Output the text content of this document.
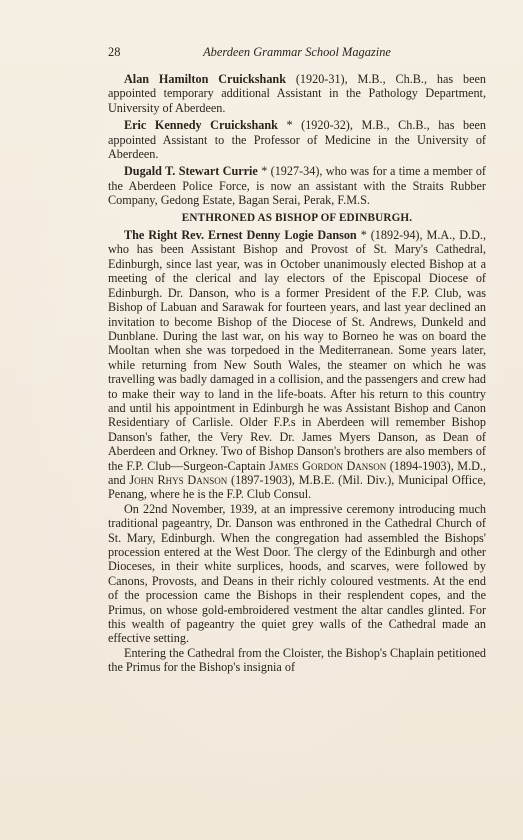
28	Aberdeen Grammar School Magazine

Alan Hamilton Cruickshank (1920-31), M.B., Ch.B., has been appointed temporary additional Assistant in the Pathology Department, University of Aberdeen.

Eric Kennedy Cruickshank * (1920-32), M.B., Ch.B., has been appointed Assistant to the Professor of Medicine in the University of Aberdeen.

Dugald T. Stewart Currie * (1927-34), who was for a time a member of the Aberdeen Police Force, is now an assistant with the Straits Rubber Company, Gedong Estate, Bagan Serai, Perak, F.M.S.

ENTHRONED AS BISHOP OF EDINBURGH.

The Right Rev. Ernest Denny Logie Danson * (1892-94), M.A., D.D., who has been Assistant Bishop and Provost of St. Mary's Cathedral, Edinburgh, since last year, was in October unanimously elected Bishop at a meeting of the clerical and lay electors of the Episcopal Diocese of Edinburgh. Dr. Danson, who is a former President of the F.P. Club, was Bishop of Labuan and Sarawak for fourteen years, and last year declined an invitation to become Bishop of the Diocese of St. Andrews, Dunkeld and Dunblane. During the last war, on his way to Borneo he was on board the Mooltan when she was torpedoed in the Mediterranean. Some years later, while returning from New South Wales, the steamer on which he was travelling was badly damaged in a collision, and the passengers and crew had to make their way to land in the life-boats. After his return to this country and until his appointment in Edinburgh he was Assistant Bishop and Canon Residentiary of Carlisle. Older F.P.s in Aberdeen will remember Bishop Danson's father, the Very Rev. Dr. James Myers Danson, as Dean of Aberdeen and Orkney. Two of Bishop Danson's brothers are also members of the F.P. Club—Surgeon-Captain James Gordon Danson (1894-1903), M.D., and John Rhys Danson (1897-1903), M.B.E. (Mil. Div.), Municipal Office, Penang, where he is the F.P. Club Consul.

On 22nd November, 1939, at an impressive ceremony introducing much traditional pageantry, Dr. Danson was enthroned in the Cathedral Church of St. Mary, Edinburgh. When the congregation had assembled the Bishops' procession entered at the West Door. The clergy of the Edinburgh and other Dioceses, in their white surplices, hoods, and scarves, were followed by Canons, Provosts, and Deans in their richly coloured vestments. At the end of the procession came the Bishops in their resplendent copes, and the Primus, on whose gold-embroidered vestment the altar candles glinted. For this wealth of pageantry the quiet grey walls of the Cathedral made an effective setting.

Entering the Cathedral from the Cloister, the Bishop's Chaplain petitioned the Primus for the Bishop's insignia of
